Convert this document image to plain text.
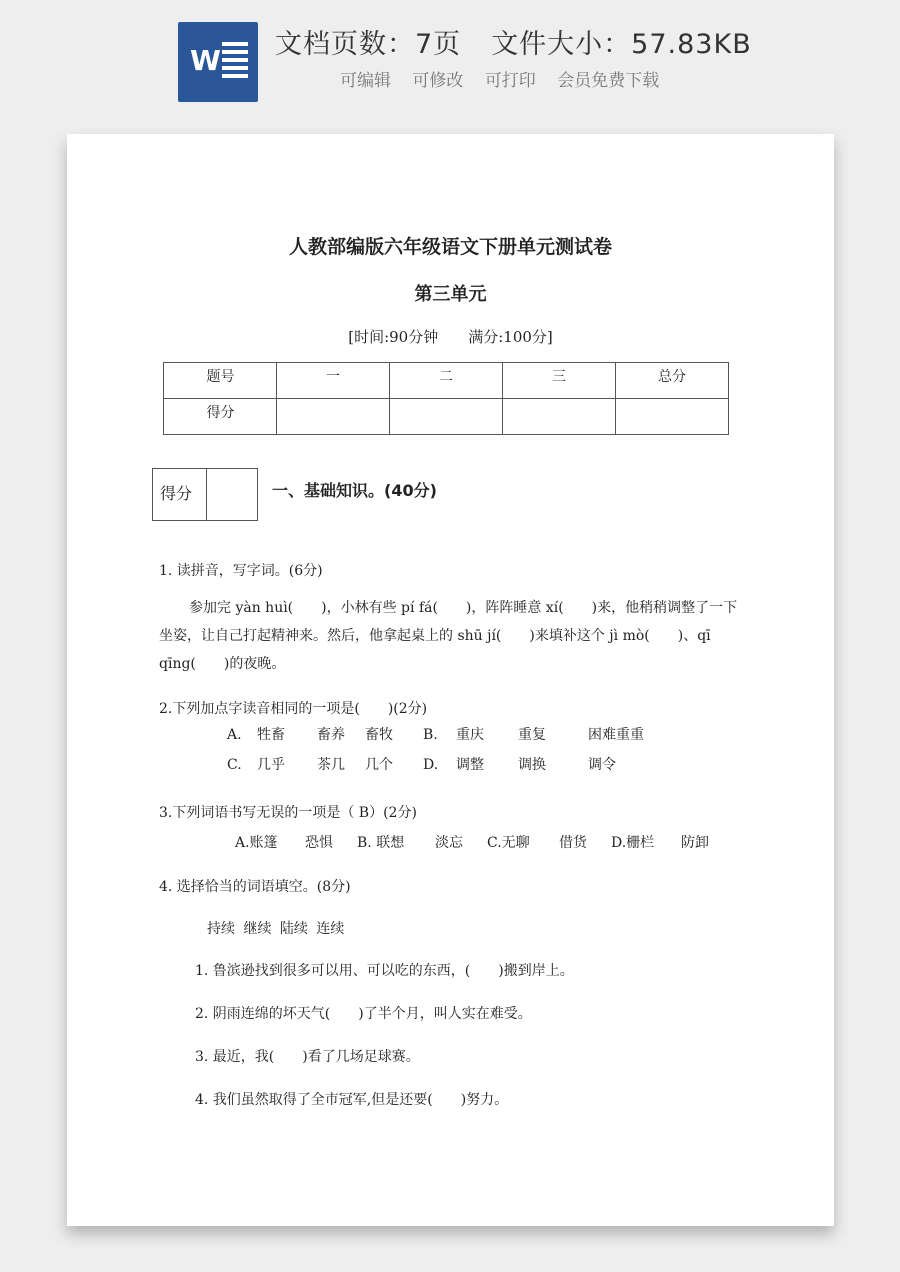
W 文档页数：7页 文件大小：57.83KB
可编辑 可修改 可打印 会员免费下载
人教部编版六年级语文下册单元测试卷
第三单元
[时间:90分钟 满分:100分]
题号	一	二	三	总分
得分				
得分	一、基础知识。(40分)
1. 读拼音，写字词。(6分)
参加完 yàn huì(　　)，小林有些 pí fá(　　)，阵阵睡意 xí(　　)来，他稍稍调整了一下坐姿，让自己打起精神来。然后，他拿起桌上的 shū jí(　　)来填补这个 jì mò(　　)、qī qīng(　　)的夜晚。
2.下列加点字读音相同的一项是(　　)(2分)
A. 牲畜 畜养 畜牧 B. 重庆 重复	困难重重
C. 几乎 茶几 几个 D. 调整 调换	调令
3.下列词语书写无误的一项是（ B）(2分)
A.账篷 恐惧 B. 联想 淡忘 C.无聊 借货 D.栅栏 防卸
4. 选择恰当的词语填空。(8分)
持续 继续 陆续 连续
1. 鲁滨逊找到很多可以用、可以吃的东西，(　　)搬到岸上。
2. 阴雨连绵的坏天气(　　)了半个月，叫人实在难受。
3. 最近，我(　　)看了几场足球赛。
4. 我们虽然取得了全市冠军,但是还要(　　)努力。
